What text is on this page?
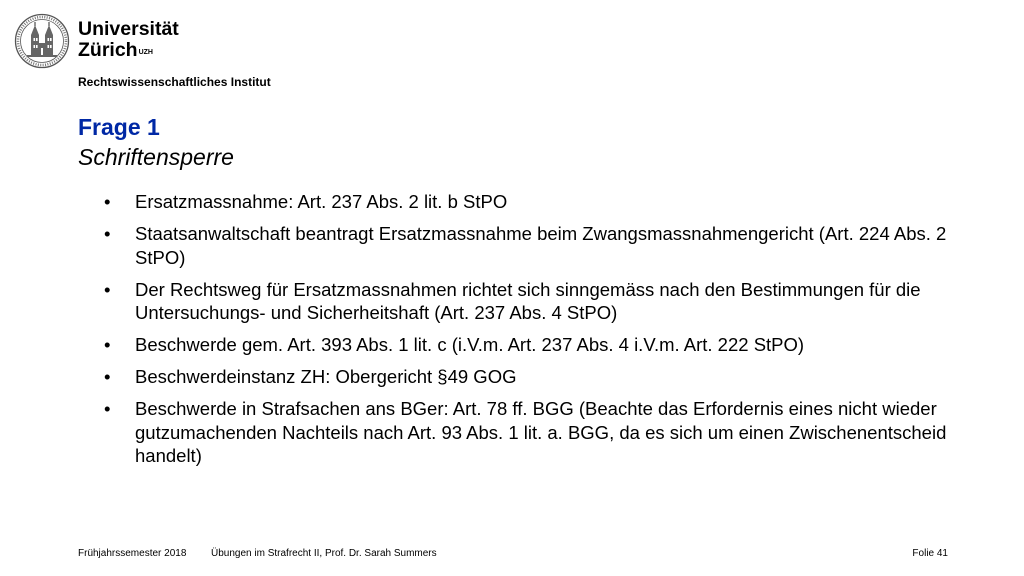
Universität
Zürich$^{UZH}$
Rechtswissenschaftliches Institut
Frage 1
Schriftensperre
• Ersatzmassnahme: Art. 237 Abs. 2 lit. b StPO
• Staatsanwaltschaft beantragt Ersatzmassnahme beim Zwangsmassnahmengericht (Art. 224 Abs. 2 StPO)
• Der Rechtsweg für Ersatzmassnahmen richtet sich sinngemäss nach den Bestimmungen für die Untersuchungs- und Sicherheitshaft (Art. 237 Abs. 4 StPO)
• Beschwerde gem. Art. 393 Abs. 1 lit. c (i.V.m. Art. 237 Abs. 4 i.V.m. Art. 222 StPO)
• Beschwerdeinstanz ZH: Obergericht §49 GOG
• Beschwerde in Strafsachen ans BGer: Art. 78 ff. BGG (Beachte das Erfordernis eines nicht wieder gutzumachenden Nachteils nach Art. 93 Abs. 1 lit. a. BGG, da es sich um einen Zwischenentscheid handelt)
Frühjahrssemester 2018 Übungen im Strafrecht II, Prof. Dr. Sarah Summers	Folie 41
